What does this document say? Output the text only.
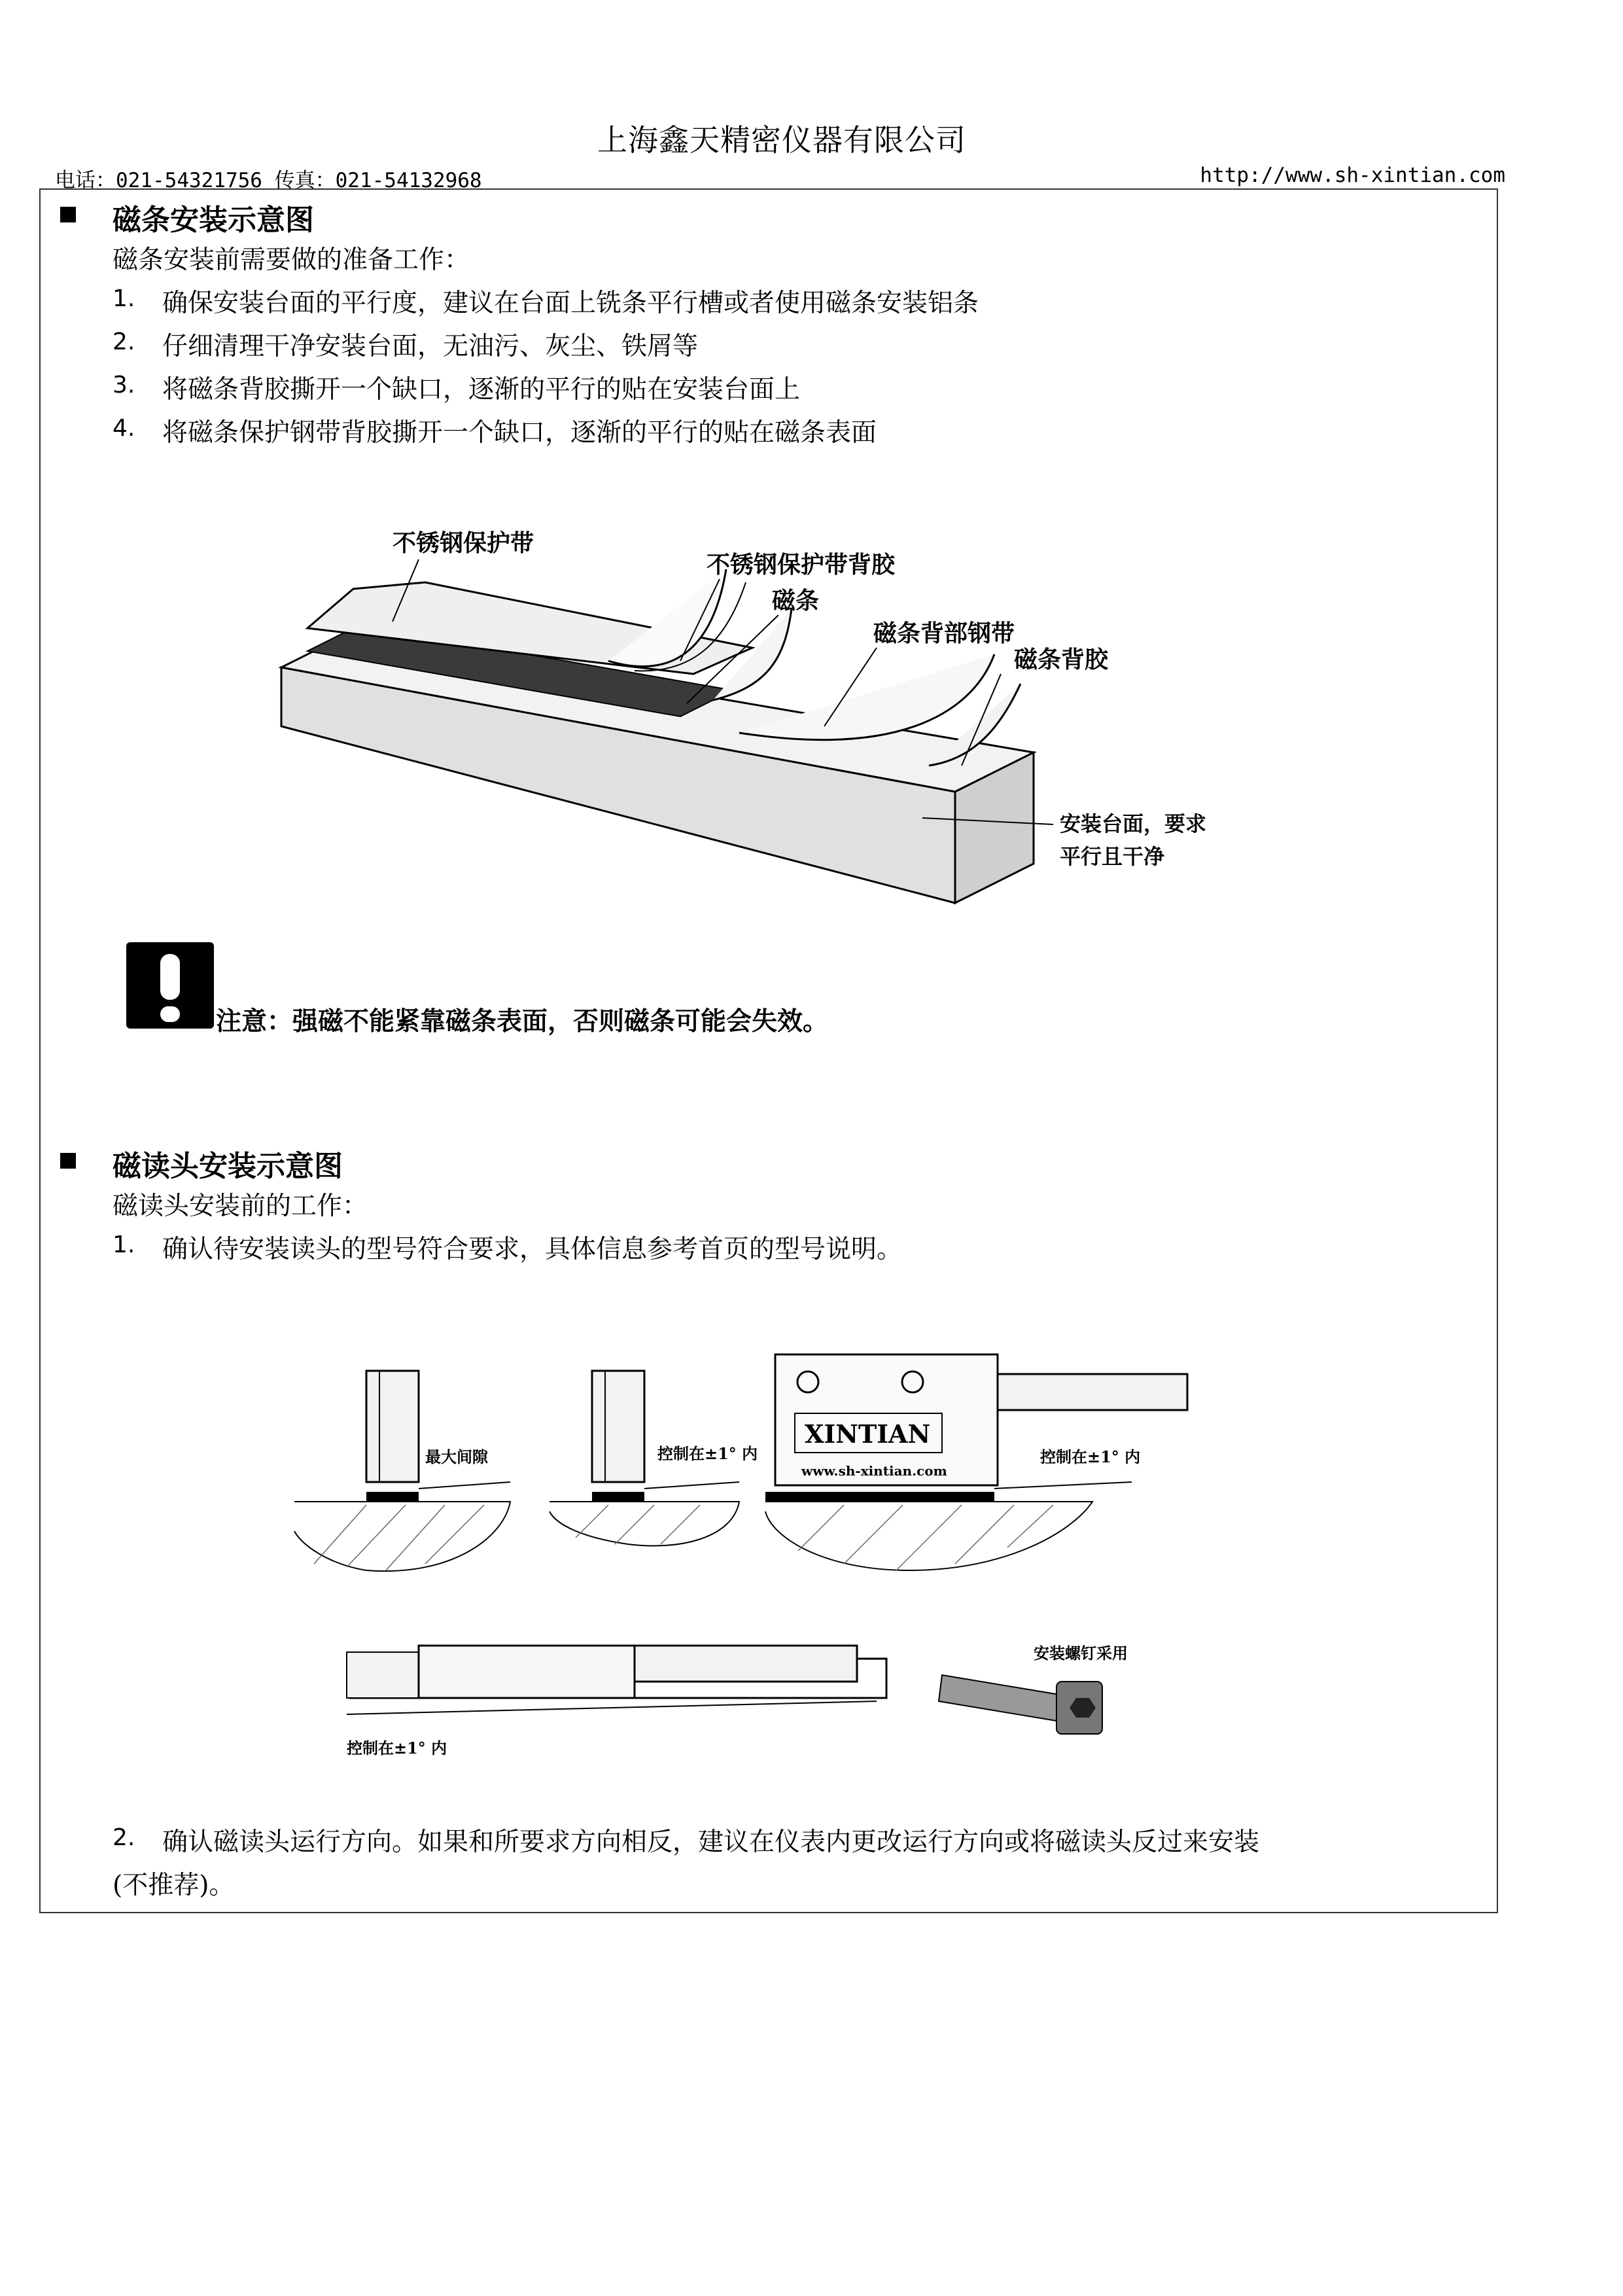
上海鑫天精密仪器有限公司
电话：021-54321756 传真：021-54132968	http://www.sh-xintian.com
磁条安装示意图
磁条安装前需要做的准备工作：
1. 确保安装台面的平行度，建议在台面上铣条平行槽或者使用磁条安装铝条
2. 仔细清理干净安装台面，无油污、灰尘、铁屑等
3. 将磁条背胶撕开一个缺口，逐渐的平行的贴在安装台面上
4. 将磁条保护钢带背胶撕开一个缺口，逐渐的平行的贴在磁条表面
不锈钢保护带
不锈钢保护带背胶
磁条
磁条背部钢带
磁条背胶
安装台面，要求
平行且干净
注意：强磁不能紧靠磁条表面，否则磁条可能会失效。
磁读头安装示意图
磁读头安装前的工作：
1. 确认待安装读头的型号符合要求，具体信息参考首页的型号说明。
XINTIAN
www.sh-xintian.com
最大间隙	控制在±1° 内	控制在±1° 内
控制在±1° 内
安装螺钉采用
2. 确认磁读头运行方向。如果和所要求方向相反，建议在仪表内更改运行方向或将磁读头反过来安装
(不推荐)。
